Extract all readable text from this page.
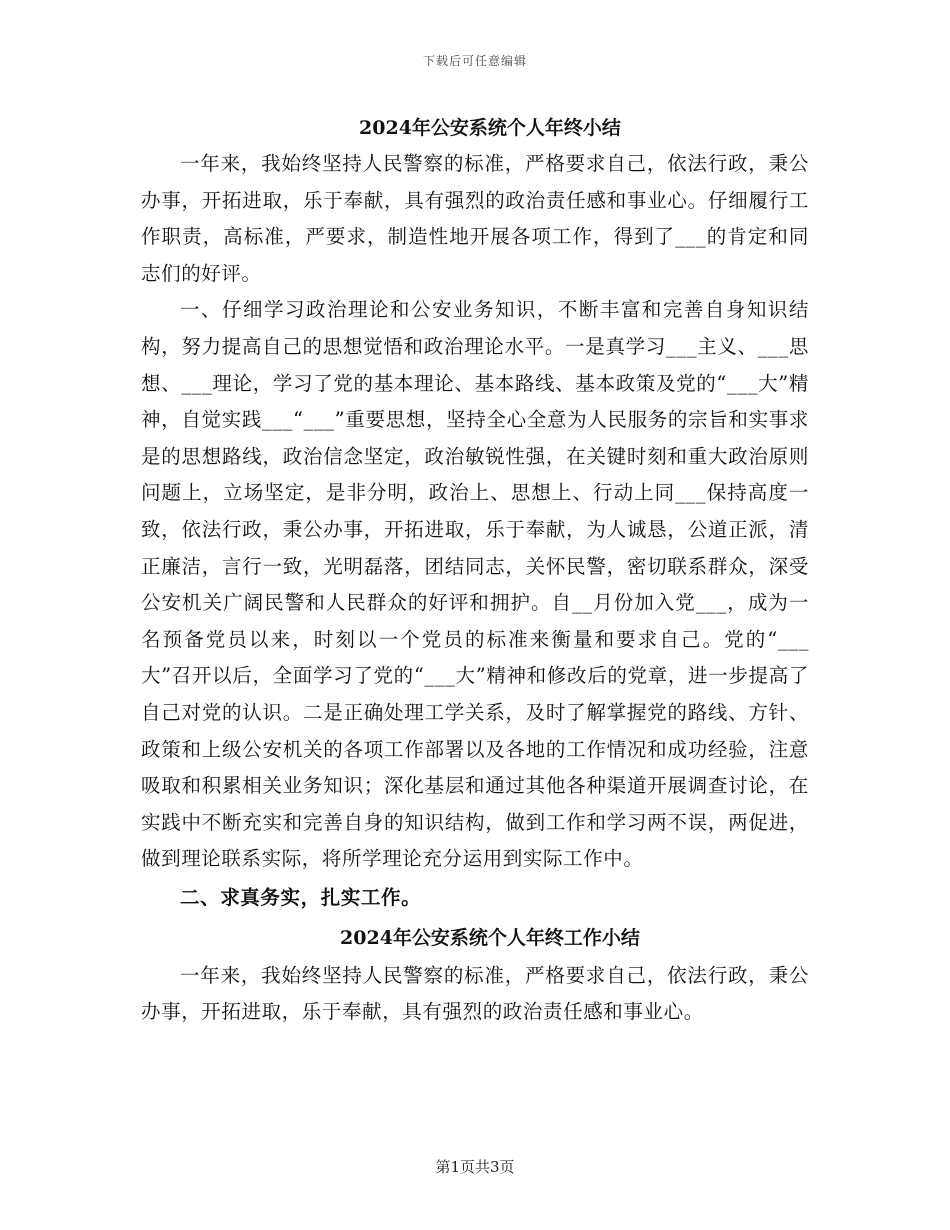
下载后可任意编辑
2024年公安系统个人年终小结

一年来，我始终坚持人民警察的标准，严格要求自己，依法行政，秉公办事，开拓进取，乐于奉献，具有强烈的政治责任感和事业心。仔细履行工作职责，高标准，严要求，制造性地开展各项工作，得到了___的肯定和同志们的好评。

一、仔细学习政治理论和公安业务知识，不断丰富和完善自身知识结构，努力提高自己的思想觉悟和政治理论水平。一是真学习___主义、___思想、___理论，学习了党的基本理论、基本路线、基本政策及党的“___大”精神，自觉实践___“___”重要思想，坚持全心全意为人民服务的宗旨和实事求是的思想路线，政治信念坚定，政治敏锐性强，在关键时刻和重大政治原则问题上，立场坚定，是非分明，政治上、思想上、行动上同___保持高度一致，依法行政，秉公办事，开拓进取，乐于奉献，为人诚恳，公道正派，清正廉洁，言行一致，光明磊落，团结同志，关怀民警，密切联系群众，深受公安机关广阔民警和人民群众的好评和拥护。自__月份加入党___，成为一名预备党员以来，时刻以一个党员的标准来衡量和要求自己。党的“___大”召开以后，全面学习了党的“___大”精神和修改后的党章，进一步提高了自己对党的认识。二是正确处理工学关系，及时了解掌握党的路线、方针、政策和上级公安机关的各项工作部署以及各地的工作情况和成功经验，注意吸取和积累相关业务知识；深化基层和通过其他各种渠道开展调查讨论，在实践中不断充实和完善自身的知识结构，做到工作和学习两不误，两促进，做到理论联系实际，将所学理论充分运用到实际工作中。

二、求真务实，扎实工作。

2024年公安系统个人年终工作小结

一年来，我始终坚持人民警察的标准，严格要求自己，依法行政，秉公办事，开拓进取，乐于奉献，具有强烈的政治责任感和事业心。

第1页共3页
